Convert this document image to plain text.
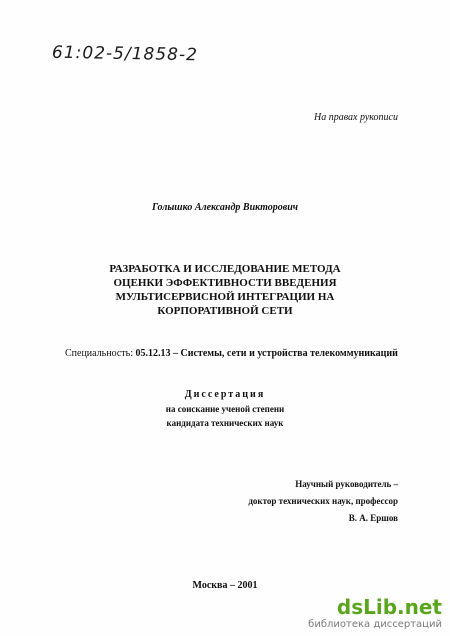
61:02-5/1858-2
На правах рукописи
Голышко Александр Викторович
РАЗРАБОТКА И ИССЛЕДОВАНИЕ МЕТОДА
ОЦЕНКИ ЭФФЕКТИВНОСТИ ВВЕДЕНИЯ
МУЛЬТИСЕРВИСНОЙ ИНТЕГРАЦИИ НА
КОРПОРАТИВНОЙ СЕТИ
Специальность: 05.12.13 – Системы, сети и устройства телекоммуникаций
Диссертация
на соискание ученой степени
кандидата технических наук
Научный руководитель –
доктор технических наук, профессор
В. А. Ершов
Москва – 2001
dsLib.net
библиотека диссертаций
